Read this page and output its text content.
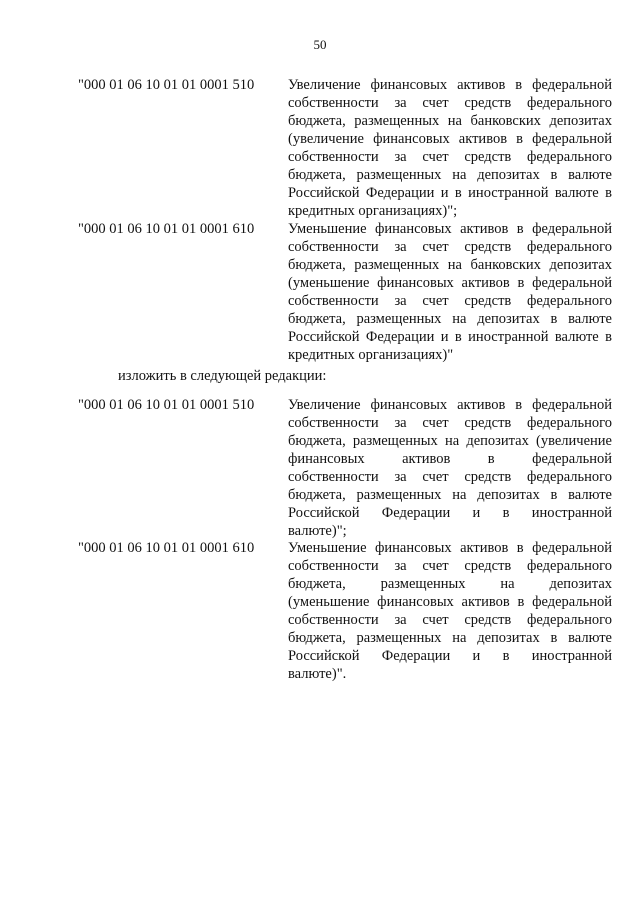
50
"000 01 06 10 01 01 0001 510	Увеличение финансовых активов в федеральной
собственности за счет средств федерального
бюджета, размещенных на банковских депозитах
(увеличение финансовых активов в федеральной
собственности за счет средств федерального
бюджета, размещенных на депозитах в валюте
Российской Федерации и в иностранной валюте в
кредитных организациях)";
"000 01 06 10 01 01 0001 610	Уменьшение финансовых активов в федеральной
собственности за счет средств федерального
бюджета, размещенных на банковских депозитах
(уменьшение финансовых активов в федеральной
собственности за счет средств федерального
бюджета, размещенных на депозитах в валюте
Российской Федерации и в иностранной валюте в
кредитных организациях)"
изложить в следующей редакции:
"000 01 06 10 01 01 0001 510	Увеличение финансовых активов в федеральной
собственности за счет средств федерального
бюджета, размещенных на депозитах (увеличение
финансовых активов в федеральной
собственности за счет средств федерального
бюджета, размещенных на депозитах в валюте
Российской Федерации и в иностранной
валюте)";
"000 01 06 10 01 01 0001 610	Уменьшение финансовых активов в федеральной
собственности за счет средств федерального
бюджета, размещенных на депозитах
(уменьшение финансовых активов в федеральной
собственности за счет средств федерального
бюджета, размещенных на депозитах в валюте
Российской Федерации и в иностранной
валюте)".
